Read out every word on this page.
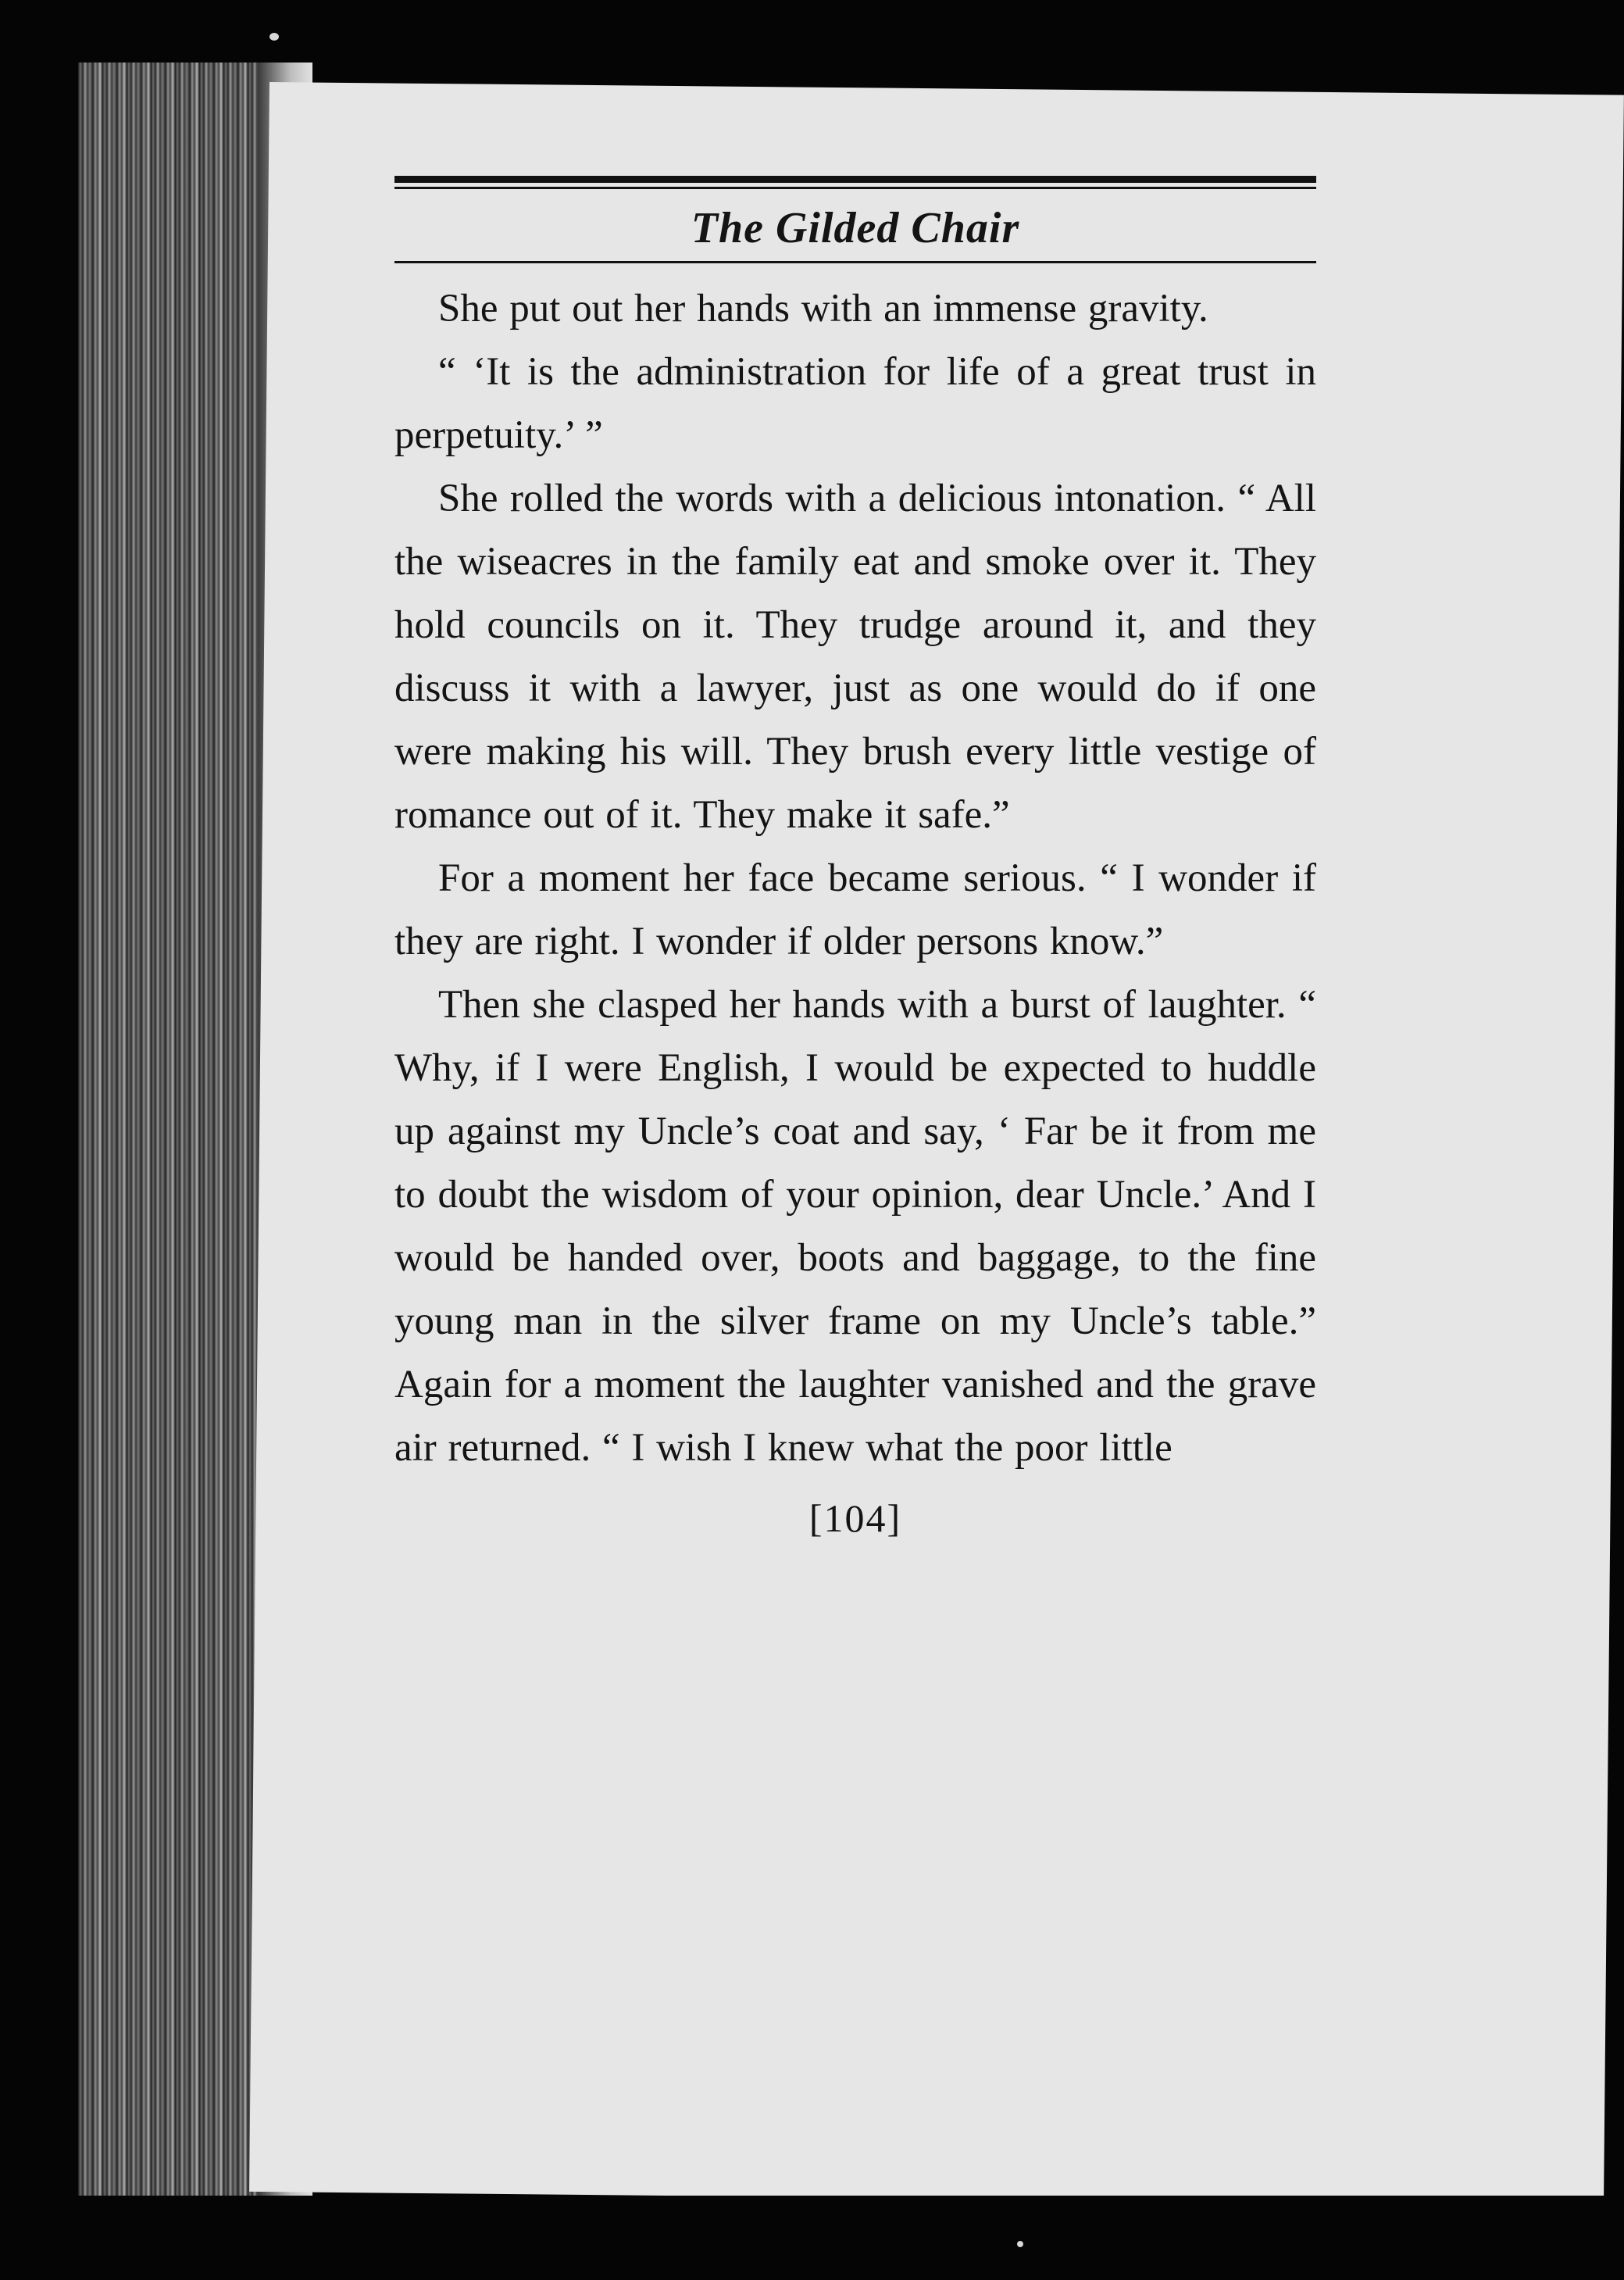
The Gilded Chair

She put out her hands with an immense gravity.

“ ‘It is the administration for life of a great trust in perpetuity.’ ”

She rolled the words with a delicious intonation. “ All the wiseacres in the family eat and smoke over it. They hold councils on it. They trudge around it, and they discuss it with a lawyer, just as one would do if one were making his will. They brush every little vestige of romance out of it. They make it safe.”

For a moment her face became serious. “ I wonder if they are right. I wonder if older persons know.”

Then she clasped her hands with a burst of laughter. “ Why, if I were English, I would be expected to huddle up against my Uncle’s coat and say, ‘ Far be it from me to doubt the wisdom of your opinion, dear Uncle.’ And I would be handed over, boots and baggage, to the fine young man in the silver frame on my Uncle’s table.” Again for a moment the laughter vanished and the grave air returned. “ I wish I knew what the poor little

[104]
